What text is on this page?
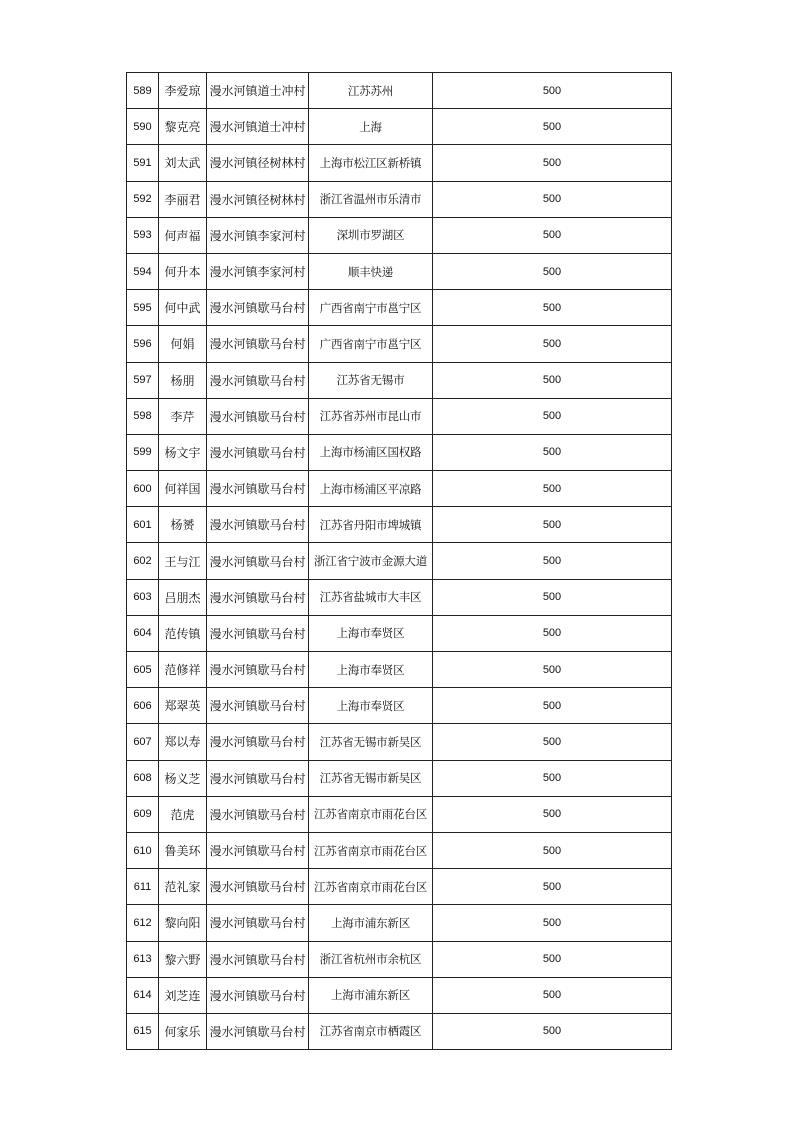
589	李爱琼	漫水河镇道士冲村	江苏苏州	500
590	黎克亮	漫水河镇道士冲村	上海	500
591	刘太武	漫水河镇径树林村	上海市松江区新桥镇	500
592	李丽君	漫水河镇径树林村	浙江省温州市乐清市	500
593	何声福	漫水河镇李家河村	深圳市罗湖区	500
594	何升本	漫水河镇李家河村	顺丰快递	500
595	何中武	漫水河镇歇马台村	广西省南宁市邕宁区	500
596	何娟	漫水河镇歇马台村	广西省南宁市邕宁区	500
597	杨朋	漫水河镇歇马台村	江苏省无锡市	500
598	李芹	漫水河镇歇马台村	江苏省苏州市昆山市	500
599	杨文宇	漫水河镇歇马台村	上海市杨浦区国权路	500
600	何祥国	漫水河镇歇马台村	上海市杨浦区平凉路	500
601	杨赟	漫水河镇歇马台村	江苏省丹阳市埤城镇	500
602	王与江	漫水河镇歇马台村	浙江省宁波市金源大道	500
603	吕朋杰	漫水河镇歇马台村	江苏省盐城市大丰区	500
604	范传镇	漫水河镇歇马台村	上海市奉贤区	500
605	范修祥	漫水河镇歇马台村	上海市奉贤区	500
606	郑翠英	漫水河镇歇马台村	上海市奉贤区	500
607	郑以寿	漫水河镇歇马台村	江苏省无锡市新吴区	500
608	杨义芝	漫水河镇歇马台村	江苏省无锡市新吴区	500
609	范虎	漫水河镇歇马台村	江苏省南京市雨花台区	500
610	鲁美环	漫水河镇歇马台村	江苏省南京市雨花台区	500
611	范礼家	漫水河镇歇马台村	江苏省南京市雨花台区	500
612	黎向阳	漫水河镇歇马台村	上海市浦东新区	500
613	黎六野	漫水河镇歇马台村	浙江省杭州市余杭区	500
614	刘芝连	漫水河镇歇马台村	上海市浦东新区	500
615	何家乐	漫水河镇歇马台村	江苏省南京市栖霞区	500
